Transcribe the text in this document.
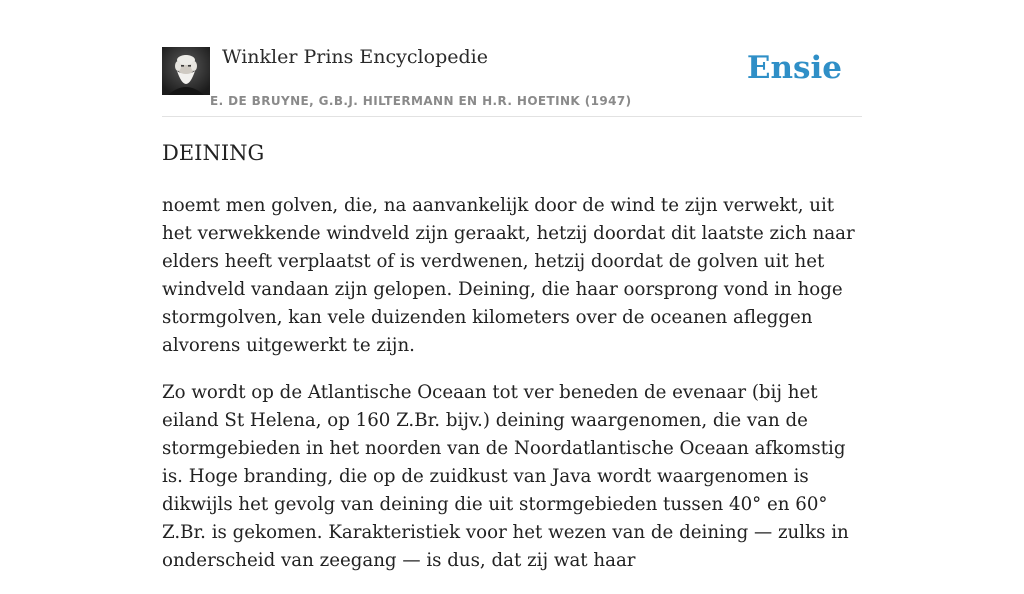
Winkler Prins Encyclopedie
E. DE BRUYNE, G.B.J. HILTERMANN EN H.R. HOETINK (1947)
Ensie
DEINING

noemt men golven, die, na aanvankelijk door de wind te zijn verwekt, uit het verwekkende windveld zijn geraakt, hetzij doordat dit laatste zich naar elders heeft verplaatst of is verdwenen, hetzij doordat de golven uit het windveld vandaan zijn gelopen. Deining, die haar oorsprong vond in hoge stormgolven, kan vele duizenden kilometers over de oceanen afleggen alvorens uitgewerkt te zijn.

Zo wordt op de Atlantische Oceaan tot ver beneden de evenaar (bij het eiland St Helena, op 160 Z.Br. bijv.) deining waargenomen, die van de stormgebieden in het noorden van de Noordatlantische Oceaan afkomstig is. Hoge branding, die op de zuidkust van Java wordt waargenomen is dikwijls het gevolg van deining die uit stormgebieden tussen 40° en 60° Z.Br. is gekomen. Karakteristiek voor het wezen van de deining — zulks in onderscheid van zeegang — is dus, dat zij wat haar
